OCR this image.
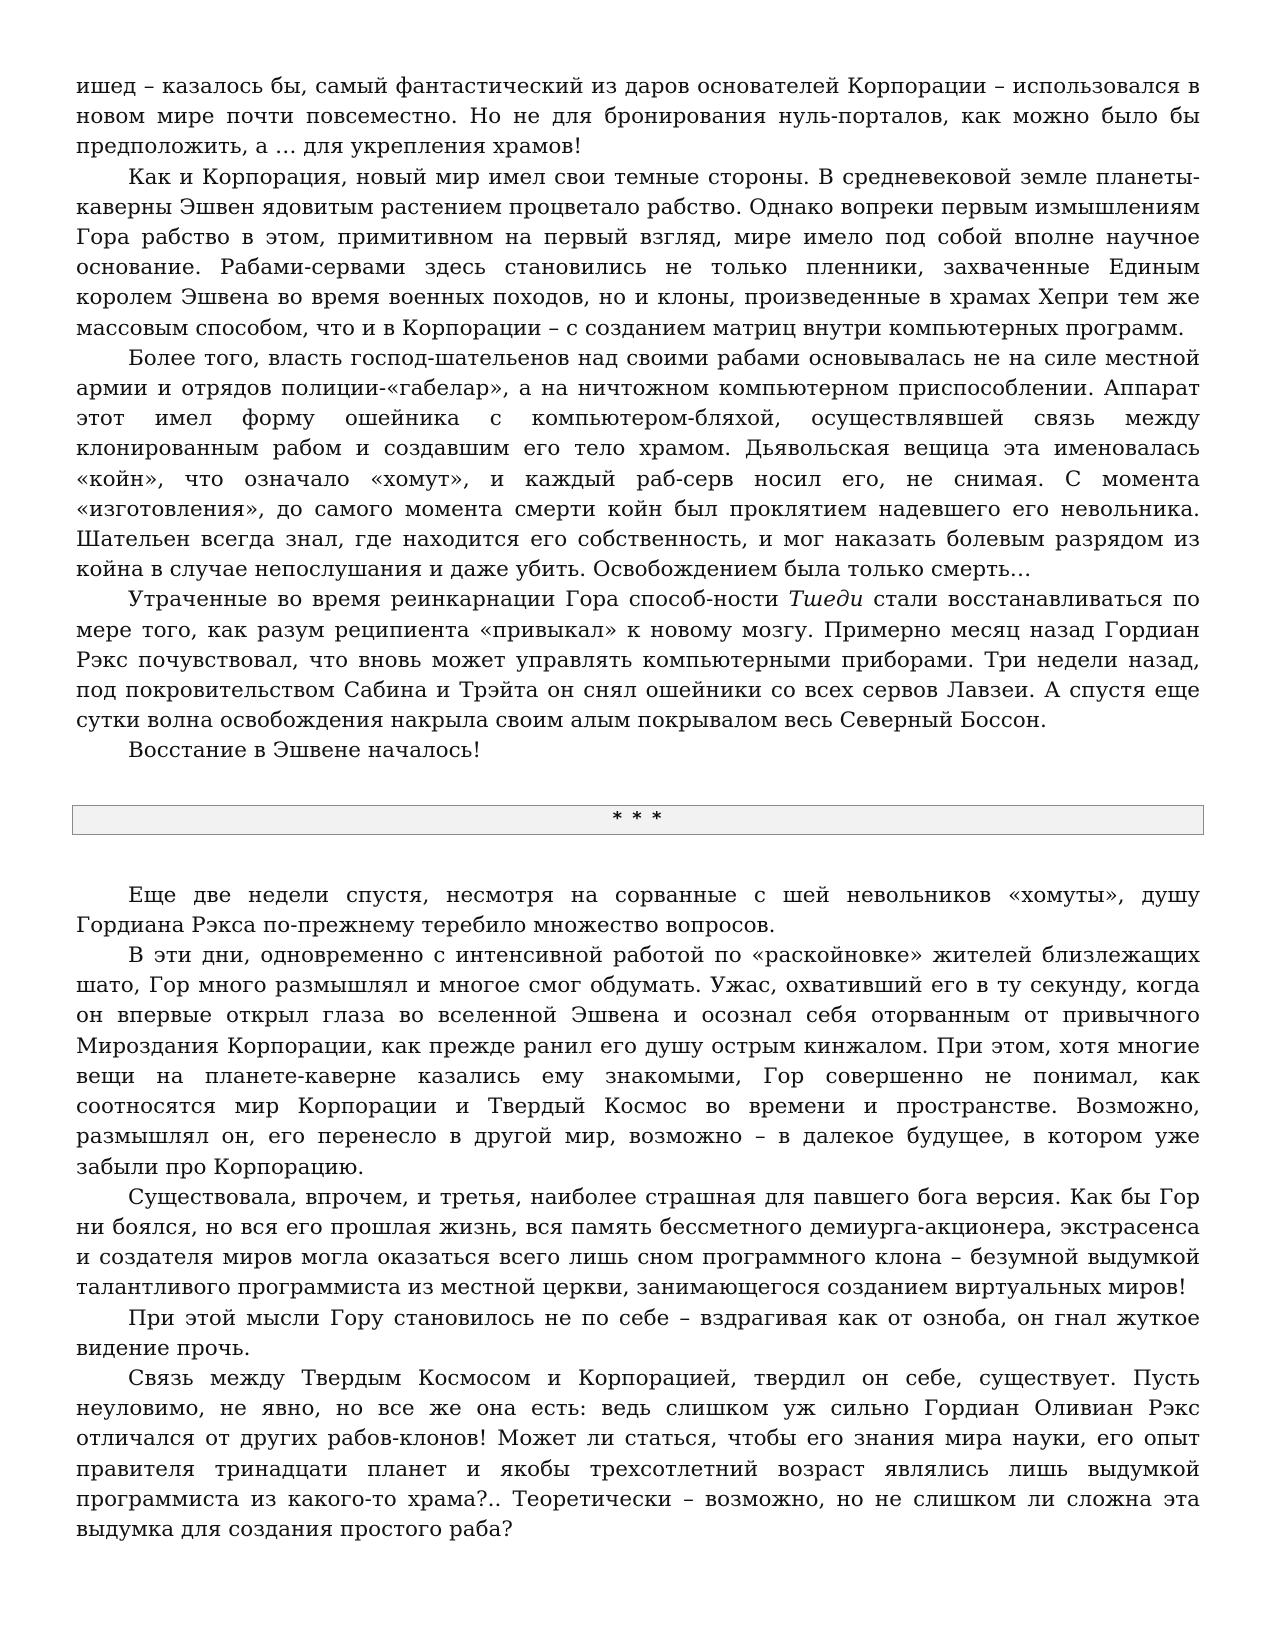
ишед – казалось бы, самый фантастический из даров основателей Корпорации – использовался в новом мире почти повсеместно. Но не для бронирования нуль-порталов, как можно было бы предположить, а … для укрепления храмов!

Как и Корпорация, новый мир имел свои темные стороны. В средневековой земле планеты-каверны Эшвен ядовитым растением процветало рабство. Однако вопреки первым измышлениям Гора рабство в этом, примитивном на первый взгляд, мире имело под собой вполне научное основание. Рабами-сервами здесь становились не только пленники, захваченные Единым королем Эшвена во время военных походов, но и клоны, произведенные в храмах Хепри тем же массовым способом, что и в Корпорации – с созданием матриц внутри компьютерных программ.

Более того, власть господ-шательенов над своими рабами основывалась не на силе местной армии и отрядов полиции-«габелар», а на ничтожном компьютерном приспособлении. Аппарат этот имел форму ошейника с компьютером-бляхой, осуществлявшей связь между клонированным рабом и создавшим его тело храмом. Дьявольская вещица эта именовалась «койн», что означало «хомут», и каждый раб-серв носил его, не снимая. С момента «изготовления», до самого момента смерти койн был проклятием надевшего его невольника. Шательен всегда знал, где находится его собственность, и мог наказать болевым разрядом из койна в случае непослушания и даже убить. Освобождением была только смерть…

Утраченные во время реинкарнации Гора способ-ности Тшеди стали восстанавливаться по мере того, как разум реципиента «привыкал» к новому мозгу. Примерно месяц назад Гордиан Рэкс почувствовал, что вновь может управлять компьютерными приборами. Три недели назад, под покровительством Сабина и Трэйта он снял ошейники со всех сервов Лавзеи. А спустя еще сутки волна освобождения накрыла своим алым покрывалом весь Северный Боссон.

Восстание в Эшвене началось!

* * *

Еще две недели спустя, несмотря на сорванные с шей невольников «хомуты», душу Гордиана Рэкса по-прежнему теребило множество вопросов.

В эти дни, одновременно с интенсивной работой по «раскойновке» жителей близлежащих шато, Гор много размышлял и многое смог обдумать. Ужас, охвативший его в ту секунду, когда он впервые открыл глаза во вселенной Эшвена и осознал себя оторванным от привычного Мироздания Корпорации, как прежде ранил его душу острым кинжалом. При этом, хотя многие вещи на планете-каверне казались ему знакомыми, Гор совершенно не понимал, как соотносятся мир Корпорации и Твердый Космос во времени и пространстве. Возможно, размышлял он, его перенесло в другой мир, возможно – в далекое будущее, в котором уже забыли про Корпорацию.

Существовала, впрочем, и третья, наиболее страшная для павшего бога версия. Как бы Гор ни боялся, но вся его прошлая жизнь, вся память бессметного демиурга-акционера, экстрасенса и создателя миров могла оказаться всего лишь сном программного клона – безумной выдумкой талантливого программиста из местной церкви, занимающегося созданием виртуальных миров!

При этой мысли Гору становилось не по себе – вздрагивая как от озноба, он гнал жуткое видение прочь.

Связь между Твердым Космосом и Корпорацией, твердил он себе, существует. Пусть неуловимо, не явно, но все же она есть: ведь слишком уж сильно Гордиан Оливиан Рэкс отличался от других рабов-клонов! Может ли статься, чтобы его знания мира науки, его опыт правителя тринадцати планет и якобы трехсотлетний возраст являлись лишь выдумкой программиста из какого-то храма?.. Теоретически – возможно, но не слишком ли сложна эта выдумка для создания простого раба?
